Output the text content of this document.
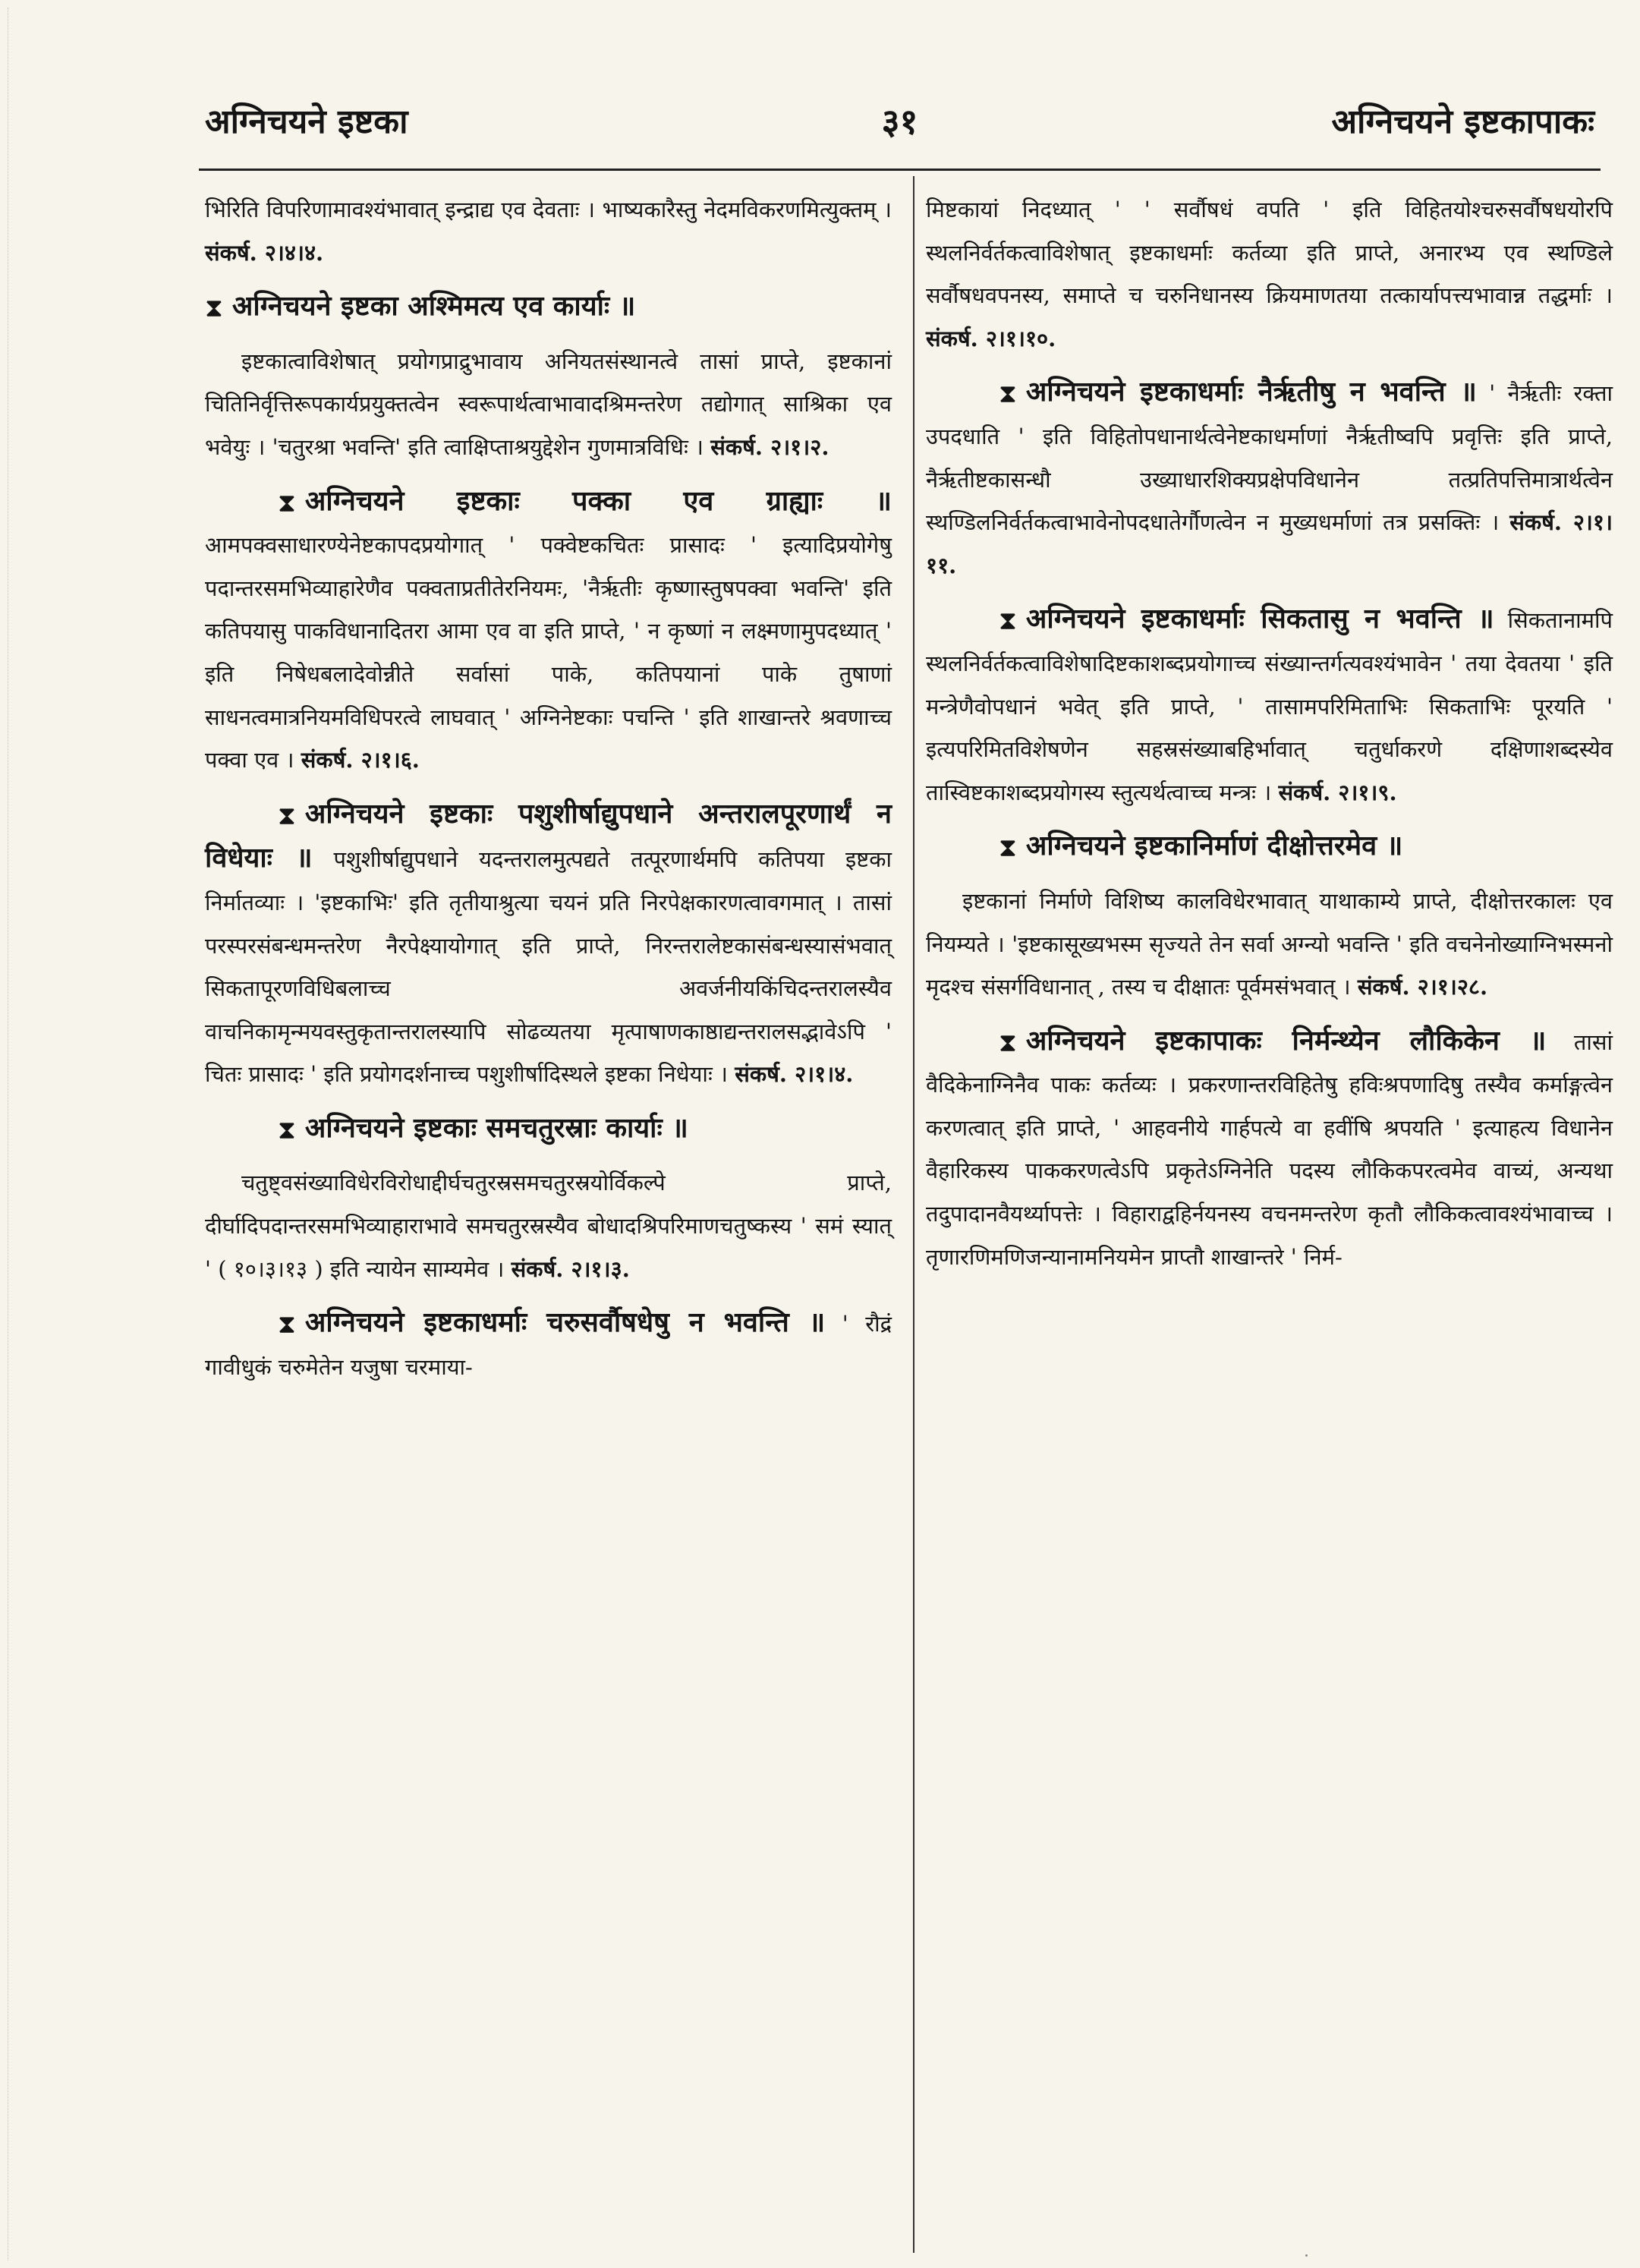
अग्निचयने इष्टका	३१	अग्निचयने इष्टकापाकः

भिरिति विपरिणामावश्यंभावात् इन्द्राद्य एव देवताः । भाष्यकारैस्तु नेदमविकरणमित्युक्तम् । संकर्ष. २।४।४.

⧗ अग्निचयने इष्टका अश्मिमत्य एव कार्याः ॥

इष्टकात्वाविशेषात् प्रयोगप्राद्रुभावाय अनियतसंस्थानत्वे तासां प्राप्ते, इष्टकानां चितिनिर्वृत्तिरूपकार्यप्रयुक्तत्वेन स्वरूपार्थत्वाभावादश्रिमन्तरेण तद्योगात् साश्रिका एव भवेयुः । 'चतुरश्रा भवन्ति' इति त्वाक्षिप्ताश्रयुद्देशेन गुणमात्रविधिः । संकर्ष. २।१।२.

⧗ अग्निचयने इष्टकाः पक्का एव ग्राह्याः ॥ आमपक्वसाधारण्येनेष्टकापदप्रयोगात् ' पक्वेष्टकचितः प्रासादः ' इत्यादिप्रयोगेषु पदान्तरसमभिव्याहारेणैव पक्वताप्रतीतेरनियमः, 'नैर्ऋतीः कृष्णास्तुषपक्वा भवन्ति' इति कतिपयासु पाकविधानादितरा आमा एव वा इति प्राप्ते, ' न कृष्णां न लक्ष्मणामुपदध्यात् ' इति निषेधबलादेवोन्नीते सर्वासां पाके, कतिपयानां पाके तुषाणां साधनत्वमात्रनियमविधिपरत्वे लाघवात् ' अग्निनेष्टकाः पचन्ति ' इति शाखान्तरे श्रवणाच्च पक्वा एव । संकर्ष. २।१।६.

⧗ अग्निचयने इष्टकाः पशुशीर्षाद्युपधाने अन्तरालपूरणार्थं न विधेयाः ॥ पशुशीर्षाद्युपधाने यदन्तरालमुत्पद्यते तत्पूरणार्थमपि कतिपया इष्टका निर्मातव्याः । 'इष्टकाभिः' इति तृतीयाश्रुत्या चयनं प्रति निरपेक्षकारणत्वावगमात् । तासां परस्परसंबन्धमन्तरेण नैरपेक्ष्यायोगात् इति प्राप्ते, निरन्तरालेष्टकासंबन्धस्यासंभवात् सिकतापूरणविधिबलाच्च अवर्जनीयकिंचिदन्तरालस्यैव वाचनिकामृन्मयवस्तुकृतान्तरालस्यापि सोढव्यतया मृत्पाषाणकाष्ठाद्यन्तरालसद्भावेऽपि ' चितः प्रासादः ' इति प्रयोगदर्शनाच्च पशुशीर्षादिस्थले इष्टका निधेयाः । संकर्ष. २।१।४.

⧗ अग्निचयने इष्टकाः समचतुरस्राः कार्याः ॥

चतुष्ट्वसंख्याविधेरविरोधाद्दीर्घचतुरस्रसमचतुरस्रयोर्विकल्पे प्राप्ते, दीर्घादिपदान्तरसमभिव्याहाराभावे समचतुरस्रस्यैव बोधादश्रिपरिमाणचतुष्कस्य ' समं स्यात् ' ( १०।३।१३ ) इति न्यायेन साम्यमेव । संकर्ष. २।१।३.

⧗ अग्निचयने इष्टकाधर्माः चरुसर्वौषधेषु न भवन्ति ॥ ' रौद्रं गावीधुकं चरुमेतेन यजुषा चरमाया-

मिष्टकायां निदध्यात् ' ' सर्वौषधं वपति ' इति विहितयोश्चरुसर्वौषधयोरपि स्थलनिर्वर्तकत्वाविशेषात् इष्टकाधर्माः कर्तव्या इति प्राप्ते, अनारभ्य एव स्थण्डिले सर्वौषधवपनस्य, समाप्ते च चरुनिधानस्य क्रियमाणतया तत्कार्यापत्त्यभावान्न तद्धर्माः । संकर्ष. २।१।१०.

⧗ अग्निचयने इष्टकाधर्माः नैर्ऋतीषु न भवन्ति ॥ ' नैर्ऋतीः रक्ता उपदधाति ' इति विहितोपधानार्थत्वेनेष्टकाधर्माणां नैर्ऋतीष्वपि प्रवृत्तिः इति प्राप्ते, नैर्ऋतीष्टकासन्धौ उख्याधारशिक्यप्रक्षेपविधानेन तत्प्रतिपत्तिमात्रार्थत्वेन स्थण्डिलनिर्वर्तकत्वाभावेनोपदधातेर्गौणत्वेन न मुख्यधर्माणां तत्र प्रसक्तिः । संकर्ष. २।१।११.

⧗ अग्निचयने इष्टकाधर्माः सिकतासु न भवन्ति ॥ सिकतानामपि स्थलनिर्वर्तकत्वाविशेषादिष्टकाशब्दप्रयोगाच्च संख्यान्तर्गत्यवश्यंभावेन ' तया देवतया ' इति मन्त्रेणैवोपधानं भवेत् इति प्राप्ते, ' तासामपरिमिताभिः सिकताभिः पूरयति ' इत्यपरिमितविशेषणेन सहस्रसंख्याबहिर्भावात् चतुर्धाकरणे दक्षिणाशब्दस्येव तास्विष्टकाशब्दप्रयोगस्य स्तुत्यर्थत्वाच्च मन्त्रः । संकर्ष. २।१।९.

⧗ अग्निचयने इष्टकानिर्माणं दीक्षोत्तरमेव ॥

इष्टकानां निर्माणे विशिष्य कालविधेरभावात् याथाकाम्ये प्राप्ते, दीक्षोत्तरकालः एव नियम्यते । 'इष्टकासूख्यभस्म सृज्यते तेन सर्वा अग्न्यो भवन्ति ' इति वचनेनोख्याग्निभस्मनो मृदश्च संसर्गविधानात् , तस्य च दीक्षातः पूर्वमसंभवात् । संकर्ष. २।१।२८.

⧗ अग्निचयने इष्टकापाकः निर्मन्थ्येन लौकिकेन ॥ तासां वैदिकेनाग्निनैव पाकः कर्तव्यः । प्रकरणान्तरविहितेषु हविःश्रपणादिषु तस्यैव कर्माङ्गत्वेन करणत्वात् इति प्राप्ते, ' आहवनीये गार्हपत्ये वा हवींषि श्रपयति ' इत्याहत्य विधानेन वैहारिकस्य पाककरणत्वेऽपि प्रकृतेऽग्निनेति पदस्य लौकिकपरत्वमेव वाच्यं, अन्यथा तदुपादानवैयर्थ्यापत्तेः । विहाराद्वहिर्नयनस्य वचनमन्तरेण कृतौ लौकिकत्वावश्यंभावाच्च । तृणारणिमणिजन्यानामनियमेन प्राप्तौ शाखान्तरे ' निर्म-
